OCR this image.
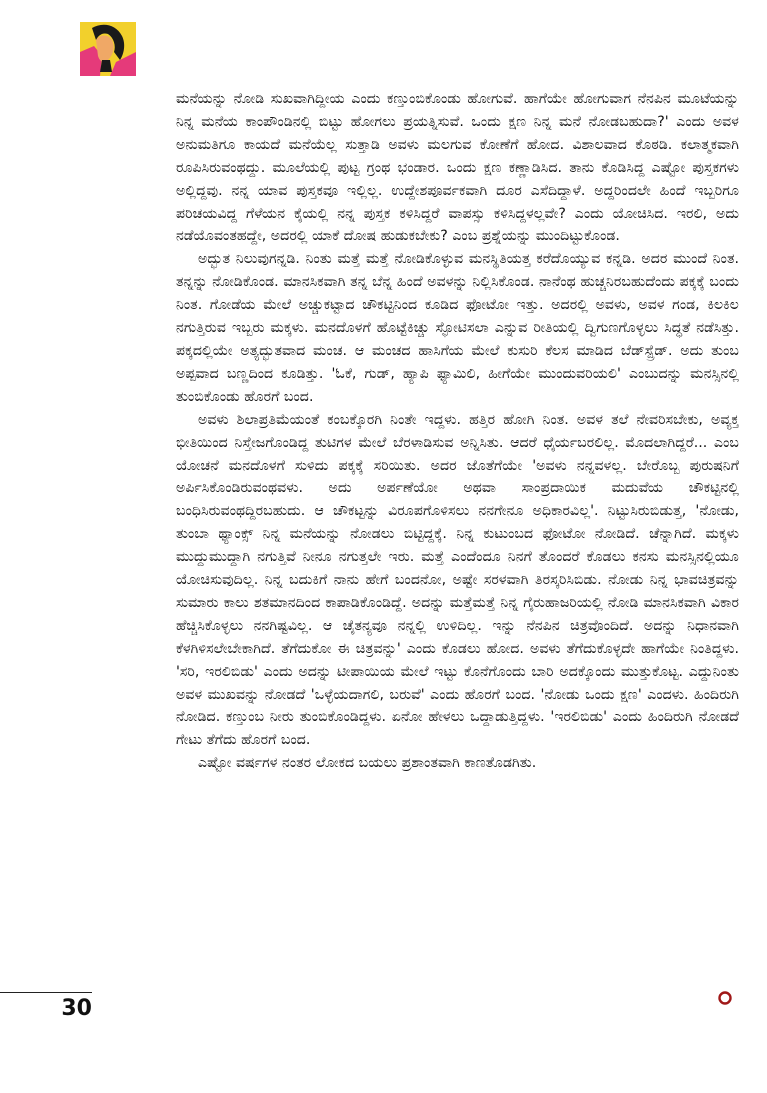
ಮನೆಯನ್ನು ನೋಡಿ ಸುಖವಾಗಿದ್ದೀಯ ಎಂದು ಕಣ್ತುಂಬಿಕೊಂಡು ಹೋಗುವೆ. ಹಾಗೆಯೇ ಹೋಗುವಾಗ ನೆನಪಿನ ಮೂಟೆಯನ್ನು ನಿನ್ನ ಮನೆಯ ಕಾಂಪೌಂಡಿನಲ್ಲಿ ಬಿಟ್ಟು ಹೋಗಲು ಪ್ರಯತ್ನಿಸುವೆ. ಒಂದು ಕ್ಷಣ ನಿನ್ನ ಮನೆ ನೋಡಬಹುದಾ?' ಎಂದು ಅವಳ ಅನುಮತಿಗೂ ಕಾಯದೆ ಮನೆಯೆಲ್ಲ ಸುತ್ತಾಡಿ ಅವಳು ಮಲಗುವ ಕೋಣೆಗೆ ಹೋದ. ವಿಶಾಲವಾದ ಕೊಠಡಿ. ಕಲಾತ್ಮಕವಾಗಿ ರೂಪಿಸಿರುವಂಥದ್ದು. ಮೂಲೆಯಲ್ಲಿ ಪುಟ್ಟ ಗ್ರಂಥ ಭಂಡಾರ. ಒಂದು ಕ್ಷಣ ಕಣ್ಣಾಡಿಸಿದ. ತಾನು ಕೊಡಿಸಿದ್ದ ಎಷ್ಟೋ ಪುಸ್ತಕಗಳು ಅಲ್ಲಿದ್ದವು. ನನ್ನ ಯಾವ ಪುಸ್ತಕವೂ ಇಲ್ಲಿಲ್ಲ. ಉದ್ದೇಶಪೂರ್ವಕವಾಗಿ ದೂರ ಎಸೆದಿದ್ದಾಳೆ. ಅದ್ದರಿಂದಲೇ ಹಿಂದೆ ಇಬ್ಬರಿಗೂ ಪರಿಚಯವಿದ್ದ ಗೆಳೆಯನ ಕೈಯಲ್ಲಿ ನನ್ನ ಪುಸ್ತಕ ಕಳಿಸಿದ್ದರೆ ವಾಪಸ್ಸು ಕಳಿಸಿದ್ದಳಲ್ಲವೇ? ಎಂದು ಯೋಚಿಸಿದ. ಇರಲಿ, ಅದು ನಡೆಯೊವಂತಹದ್ದೇ, ಅದರಲ್ಲಿ ಯಾಕೆ ದೋಷ ಹುಡುಕಬೇಕು? ಎಂಬ ಪ್ರಶ್ನೆಯನ್ನು ಮುಂದಿಟ್ಟುಕೊಂಡ.

ಅದ್ಭುತ ನಿಲುವುಗನ್ನಡಿ. ನಿಂತು ಮತ್ತೆ ಮತ್ತೆ ನೋಡಿಕೊಳ್ಳುವ ಮನಸ್ಥಿತಿಯತ್ತ ಕರೆದೊಯ್ಯುವ ಕನ್ನಡಿ. ಅದರ ಮುಂದೆ ನಿಂತ. ತನ್ನನ್ನು ನೋಡಿಕೊಂಡ. ಮಾನಸಿಕವಾಗಿ ತನ್ನ ಬೆನ್ನ ಹಿಂದೆ ಅವಳನ್ನು ನಿಲ್ಲಿಸಿಕೊಂಡ. ನಾನೆಂಥ ಹುಚ್ಚನಿರಬಹುದೆಂದು ಪಕ್ಕಕ್ಕೆ ಬಂದು ನಿಂತ. ಗೋಡೆಯ ಮೇಲೆ ಅಚ್ಚುಕಟ್ಟಾದ ಚೌಕಟ್ಟಿನಿಂದ ಕೂಡಿದ ಫೋಟೋ ಇತ್ತು. ಅದರಲ್ಲಿ ಅವಳು, ಅವಳ ಗಂಡ, ಕಿಲಕಿಲ ನಗುತ್ತಿರುವ ಇಬ್ಬರು ಮಕ್ಕಳು. ಮನದೊಳಗೆ ಹೊಟ್ಟೆಕಿಚ್ಚು ಸ್ಫೋಟಿಸಲಾ ಎನ್ನುವ ರೀತಿಯಲ್ಲಿ ದ್ವಿಗುಣಗೊಳ್ಳಲು ಸಿದ್ಧತೆ ನಡೆಸಿತ್ತು. ಪಕ್ಕದಲ್ಲಿಯೇ ಅತ್ಯದ್ಭುತವಾದ ಮಂಚ. ಆ ಮಂಚದ ಹಾಸಿಗೆಯ ಮೇಲೆ ಕುಸುರಿ ಕೆಲಸ ಮಾಡಿದ ಬೆಡ್‌ಸ್ಪ್ರೆಡ್. ಅದು ತುಂಬ ಅಪ್ಪವಾದ ಬಣ್ಣದಿಂದ ಕೂಡಿತ್ತು. 'ಓಕೆ, ಗುಡ್, ಹ್ಯಾಪಿ ಫ್ಯಾಮಿಲಿ, ಹೀಗೆಯೇ ಮುಂದುವರಿಯಲಿ' ಎಂಬುದನ್ನು ಮನಸ್ಸಿನಲ್ಲಿ ತುಂಬಿಕೊಂಡು ಹೊರಗೆ ಬಂದ.

ಅವಳು ಶಿಲಾಪ್ರತಿಮೆಯಂತೆ ಕಂಬಕ್ಕೊರಗಿ ನಿಂತೇ ಇದ್ದಳು. ಹತ್ತಿರ ಹೋಗಿ ನಿಂತ. ಅವಳ ತಲೆ ನೇವರಿಸಬೇಕು, ಅವ್ಯಕ್ತ ಭೀತಿಯಿಂದ ನಿಸ್ತೇಜಗೊಂಡಿದ್ದ ತುಟಿಗಳ ಮೇಲೆ ಬೆರಳಾಡಿಸುವ ಅನ್ನಿಸಿತು. ಆದರೆ ಧೈರ್ಯಬರಲಿಲ್ಲ. ಮೊದಲಾಗಿದ್ದರೆ... ಎಂಬ ಯೋಚನೆ ಮನದೊಳಗೆ ಸುಳಿದು ಪಕ್ಕಕ್ಕೆ ಸರಿಯಿತು. ಅದರ ಜೊತೆಗೆಯೇ 'ಅವಳು ನನ್ನವಳಲ್ಲ. ಬೇರೊಬ್ಬ ಪುರುಷನಿಗೆ ಅರ್ಪಿಸಿಕೊಂಡಿರುವಂಥವಳು. ಅದು ಅರ್ಪಣೆಯೋ ಅಥವಾ ಸಾಂಪ್ರದಾಯಿಕ ಮದುವೆಯ ಚೌಕಟ್ಟಿನಲ್ಲಿ ಬಂಧಿಸಿರುವಂಥದ್ದಿರಬಹುದು. ಆ ಚೌಕಟ್ಟನ್ನು ವಿರೂಪಗೊಳಿಸಲು ನನಗೇನೂ ಅಧಿಕಾರವಿಲ್ಲ'. ನಿಟ್ಟುಸಿರುಬಿಡುತ್ತ, 'ನೋಡು, ತುಂಬಾ ಥ್ಯಾಂಕ್ಸ್ ನಿನ್ನ ಮನೆಯನ್ನು ನೋಡಲು ಬಿಟ್ಟಿದ್ದಕ್ಕೆ. ನಿನ್ನ ಕುಟುಂಬದ ಫೋಟೋ ನೋಡಿದೆ. ಚೆನ್ನಾಗಿದೆ. ಮಕ್ಕಳು ಮುದ್ದುಮುದ್ದಾಗಿ ನಗುತ್ತಿವೆ ನೀನೂ ನಗುತ್ತಲೇ ಇರು. ಮತ್ತೆ ಎಂದೆಂದೂ ನಿನಗೆ ತೊಂದರೆ ಕೊಡಲು ಕನಸು ಮನಸ್ಸಿನಲ್ಲಿಯೂ ಯೋಚಿಸುವುದಿಲ್ಲ. ನಿನ್ನ ಬದುಕಿಗೆ ನಾನು ಹೇಗೆ ಬಂದನೋ, ಅಷ್ಟೇ ಸರಳವಾಗಿ ತಿರಸ್ಕರಿಸಿಬಿಡು. ನೋಡು ನಿನ್ನ ಭಾವಚಿತ್ರವನ್ನು ಸುಮಾರು ಕಾಲು ಶತಮಾನದಿಂದ ಕಾಪಾಡಿಕೊಂಡಿದ್ದೆ. ಅದನ್ನು ಮತ್ತೆಮತ್ತೆ ನಿನ್ನ ಗೈರುಹಾಜರಿಯಲ್ಲಿ ನೋಡಿ ಮಾನಸಿಕವಾಗಿ ವಿಕಾರ ಹೆಚ್ಚಿಸಿಕೊಳ್ಳಲು ನನಗಿಷ್ಟವಿಲ್ಲ. ಆ ಚೈತನ್ಯವೂ ನನ್ನಲ್ಲಿ ಉಳಿದಿಲ್ಲ. ಇನ್ನು ನೆನಪಿನ ಚಿತ್ರವೊಂದಿದೆ. ಅದನ್ನು ನಿಧಾನವಾಗಿ ಕೆಳಗಿಳಿಸಲೇಬೇಕಾಗಿದೆ. ತೆಗೆದುಕೋ ಈ ಚಿತ್ರವನ್ನು' ಎಂದು ಕೊಡಲು ಹೋದ. ಅವಳು ತೆಗೆದುಕೊಳ್ಳದೇ ಹಾಗೆಯೇ ನಿಂತಿದ್ದಳು. 'ಸರಿ, ಇರಲಿಬಿಡು' ಎಂದು ಅದನ್ನು ಟೀಪಾಯಿಯ ಮೇಲೆ ಇಟ್ಟು ಕೊನೆಗೊಂದು ಬಾರಿ ಅದಕ್ಕೊಂದು ಮುತ್ತುಕೊಟ್ಟ. ಎದ್ದುನಿಂತು ಅವಳ ಮುಖವನ್ನು ನೋಡದೆ 'ಒಳ್ಳೆಯದಾಗಲಿ, ಬರುವೆ' ಎಂದು ಹೊರಗೆ ಬಂದ. 'ನೋಡು ಒಂದು ಕ್ಷಣ' ಎಂದಳು. ಹಿಂದಿರುಗಿ ನೋಡಿದ. ಕಣ್ತುಂಬ ನೀರು ತುಂಬಿಕೊಂಡಿದ್ದಳು. ಏನೋ ಹೇಳಲು ಒದ್ದಾಡುತ್ತಿದ್ದಳು. 'ಇರಲಿಬಿಡು' ಎಂದು ಹಿಂದಿರುಗಿ ನೋಡದೆ ಗೇಟು ತೆಗೆದು ಹೊರಗೆ ಬಂದ.

ಎಷ್ಟೋ ವರ್ಷಗಳ ನಂತರ ಲೋಕದ ಬಯಲು ಪ್ರಶಾಂತವಾಗಿ ಕಾಣತೊಡಗಿತು.

30
